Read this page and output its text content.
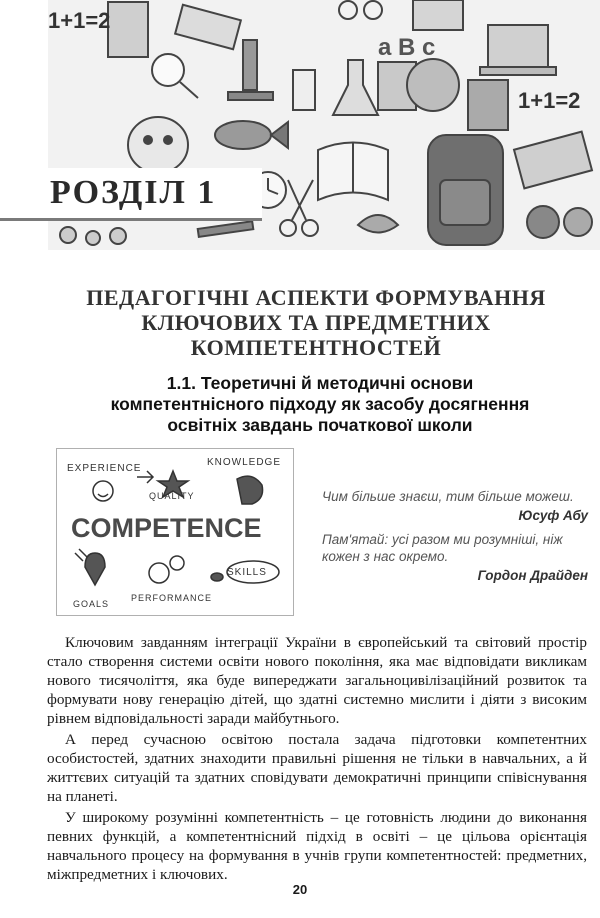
1+1=2
1+1=2
a B c
РОЗДІЛ 1
ПЕДАГОГІЧНІ АСПЕКТИ ФОРМУВАННЯ
КЛЮЧОВИХ ТА ПРЕДМЕТНИХ
КОМПЕТЕНТНОСТЕЙ
1.1. Теоретичні й методичні основи
компетентнісного підходу як засобу досягнення
освітніх завдань початкової школи
EXPERIENCE
KNOWLEDGE
QUALITY
COMPETENCE
SKILLS
GOALS
PERFORMANCE
Чим більше знаєш, тим більше можеш.
Юсуф Абу
Пам'ятай: усі разом ми розумніші, ніж кожен з нас окремо.
Гордон Драйден

Ключовим завданням інтеграції України в європейський та світовий простір стало створення системи освіти нового покоління, яка має відповідати викликам нового тисячоліття, яка буде випереджати загальноцивілізаційний розвиток та формувати нову генерацію дітей, що здатні системно мислити і діяти з високим рівнем відповідальності заради майбутнього.

А перед сучасною освітою постала задача підготовки компетентних особистостей, здатних знаходити правильні рішення не тільки в навчальних, а й життєвих ситуацій та здатних сповідувати демократичні принципи співіснування на планеті.

У широкому розумінні компетентність – це готовність людини до виконання певних функцій, а компетентнісний підхід в освіті – це цільова орієнтація навчального процесу на формування в учнів групи компетентностей: предметних, міжпредметних і ключових.

20
